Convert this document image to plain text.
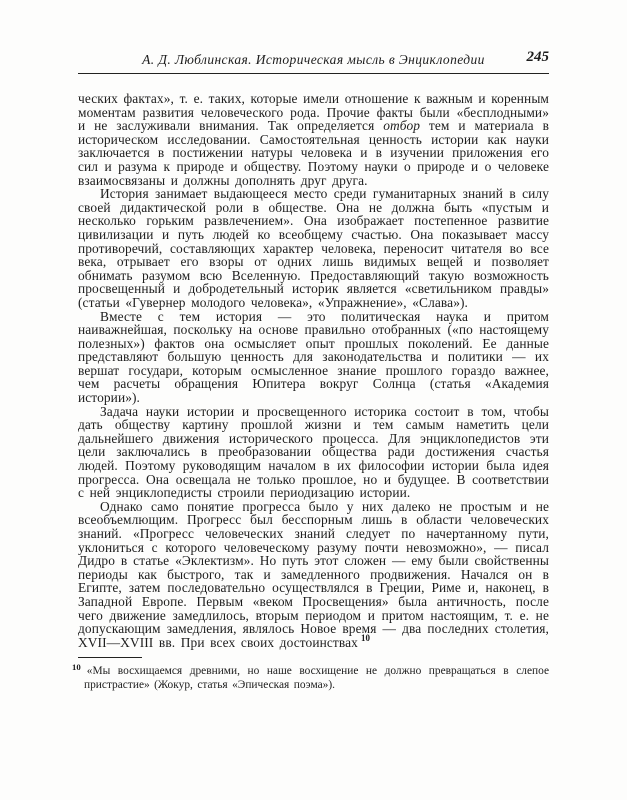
А. Д. Люблинская. Историческая мысль в Энциклопедии	245

ческих фактах», т. е. таких, которые имели отношение к важным и коренным моментам развития человеческого рода. Прочие факты были «бесплодными» и не заслуживали внимания. Так определяется отбор тем и материала в историческом исследовании. Самостоятельная ценность истории как науки заключается в постижении натуры человека и в изучении приложения его сил и разума к природе и обществу. Поэтому науки о природе и о человеке взаимосвязаны и должны дополнять друг друга.

История занимает выдающееся место среди гуманитарных знаний в силу своей дидактической роли в обществе. Она не должна быть «пустым и несколько горьким развлечением». Она изображает постепенное развитие цивилизации и путь людей ко всеобщему счастью. Она показывает массу противоречий, составляющих характер человека, переносит читателя во все века, отрывает его взоры от одних лишь видимых вещей и позволяет обнимать разумом всю Вселенную. Предоставляющий такую возможность просвещенный и добродетельный историк является «светильником правды» (статьи «Гувернер молодого человека», «Упражнение», «Слава»).

Вместе с тем история — это политическая наука и притом наиважнейшая, поскольку на основе правильно отобранных («по настоящему полезных») фактов она осмысляет опыт прошлых поколений. Ее данные представляют большую ценность для законодательства и политики — их вершат государи, которым осмысленное знание прошлого гораздо важнее, чем расчеты обращения Юпитера вокруг Солнца (статья «Академия истории»).

Задача науки истории и просвещенного историка состоит в том, чтобы дать обществу картину прошлой жизни и тем самым наметить цели дальнейшего движения исторического процесса. Для энциклопедистов эти цели заключались в преобразовании общества ради достижения счастья людей. Поэтому руководящим началом в их философии истории была идея прогресса. Она освещала не только прошлое, но и будущее. В соответствии с ней энциклопедисты строили периодизацию истории.

Однако само понятие прогресса было у них далеко не простым и не всеобъемлющим. Прогресс был бесспорным лишь в области человеческих знаний. «Прогресс человеческих знаний следует по начертанному пути, уклониться с которого человеческому разуму почти невозможно», — писал Дидро в статье «Эклектизм». Но путь этот сложен — ему были свойственны периоды как быстрого, так и замедленного продвижения. Начался он в Египте, затем последовательно осуществлялся в Греции, Риме и, наконец, в Западной Европе. Первым «веком Просвещения» была античность, после чего движение замедлилось, вторым периодом и притом настоящим, т. е. не допускающим замедления, являлось Новое время — два последних столетия, XVII—XVIII вв. При всех своих достоинствах $^{10}$

$^{10}$ «Мы восхищаемся древними, но наше восхищение не должно превращаться в слепое пристрастие» (Жокур, статья «Эпическая поэма»).
